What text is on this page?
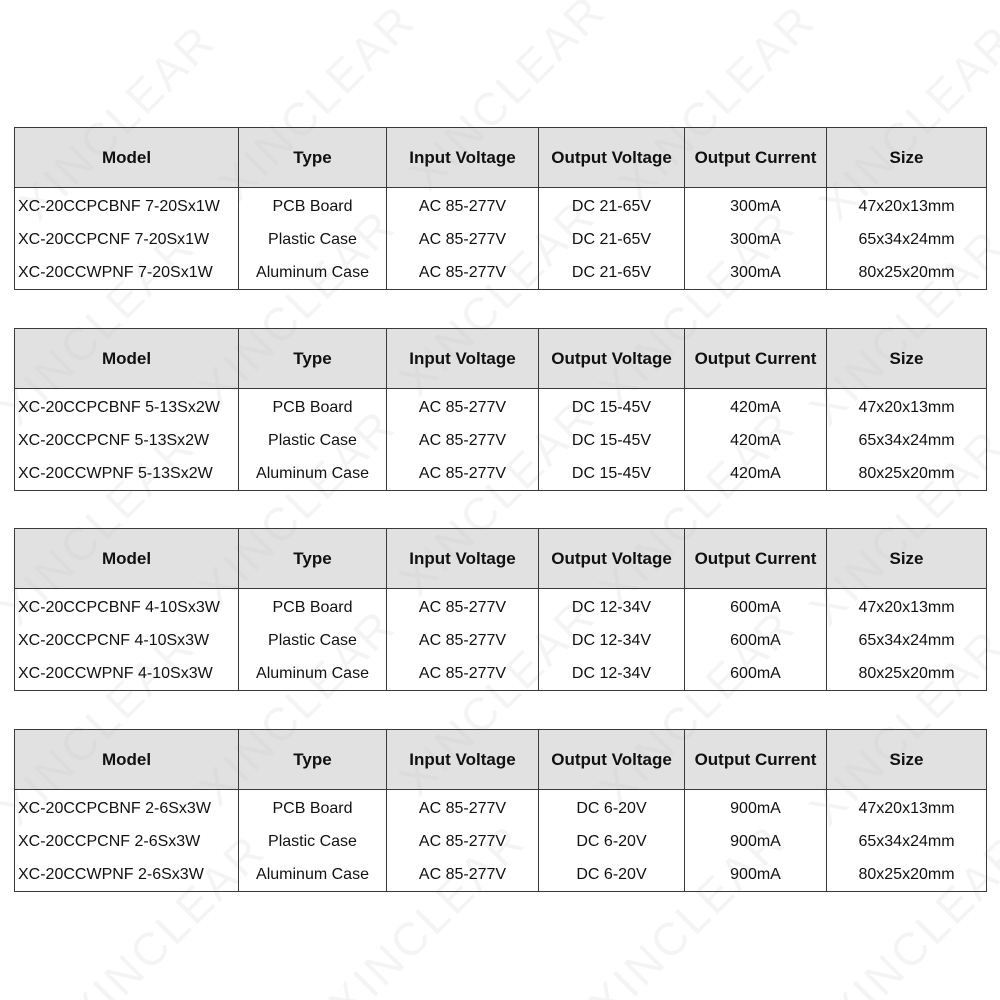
Model	Type	Input Voltage	Output Voltage	Output Current	Size
XC-20CCPCBNF 7-20Sx1W	PCB Board	AC 85-277V	DC 21-65V	300mA	47x20x13mm
XC-20CCPCNF 7-20Sx1W	Plastic Case	AC 85-277V	DC 21-65V	300mA	65x34x24mm
XC-20CCWPNF 7-20Sx1W	Aluminum Case	AC 85-277V	DC 21-65V	300mA	80x25x20mm
Model	Type	Input Voltage	Output Voltage	Output Current	Size
XC-20CCPCBNF 5-13Sx2W	PCB Board	AC 85-277V	DC 15-45V	420mA	47x20x13mm
XC-20CCPCNF 5-13Sx2W	Plastic Case	AC 85-277V	DC 15-45V	420mA	65x34x24mm
XC-20CCWPNF 5-13Sx2W	Aluminum Case	AC 85-277V	DC 15-45V	420mA	80x25x20mm
Model	Type	Input Voltage	Output Voltage	Output Current	Size
XC-20CCPCBNF 4-10Sx3W	PCB Board	AC 85-277V	DC 12-34V	600mA	47x20x13mm
XC-20CCPCNF 4-10Sx3W	Plastic Case	AC 85-277V	DC 12-34V	600mA	65x34x24mm
XC-20CCWPNF 4-10Sx3W	Aluminum Case	AC 85-277V	DC 12-34V	600mA	80x25x20mm
Model	Type	Input Voltage	Output Voltage	Output Current	Size
XC-20CCPCBNF 2-6Sx3W	PCB Board	AC 85-277V	DC 6-20V	900mA	47x20x13mm
XC-20CCPCNF 2-6Sx3W	Plastic Case	AC 85-277V	DC 6-20V	900mA	65x34x24mm
XC-20CCWPNF 2-6Sx3W	Aluminum Case	AC 85-277V	DC 6-20V	900mA	80x25x20mm
